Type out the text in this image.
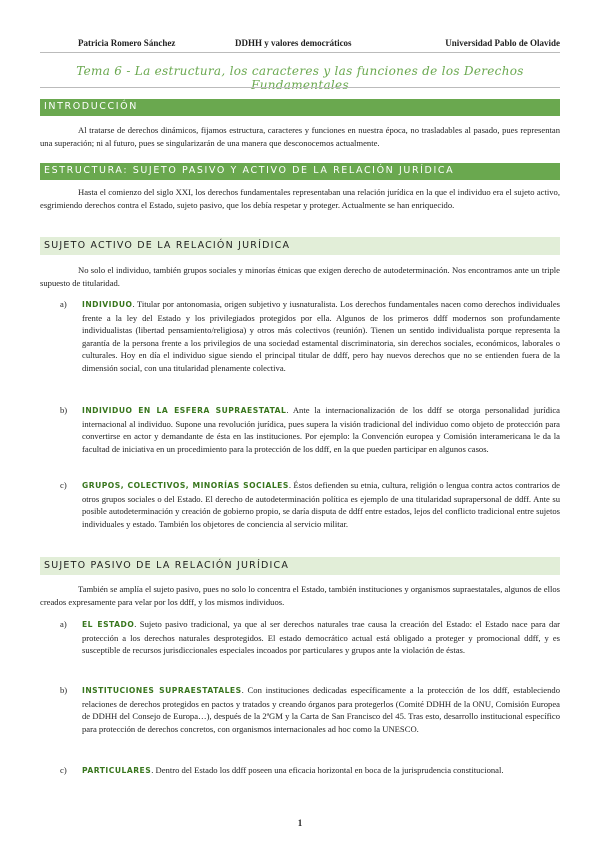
Patricia Romero Sánchez	DDHH y valores democráticos	Universidad Pablo de Olavide
Tema 6 - La estructura, los caracteres y las funciones de los Derechos Fundamentales
INTRODUCCIÓN
Al tratarse de derechos dinámicos, fijamos estructura, caracteres y funciones en nuestra época, no trasladables al pasado, pues representan una superación; ni al futuro, pues se singularizarán de una manera que desconocemos actualmente.
ESTRUCTURA: SUJETO PASIVO Y ACTIVO DE LA RELACIÓN JURÍDICA
Hasta el comienzo del siglo XXI, los derechos fundamentales representaban una relación jurídica en la que el individuo era el sujeto activo, esgrimiendo derechos contra el Estado, sujeto pasivo, que los debía respetar y proteger. Actualmente se han enriquecido.
SUJETO ACTIVO DE LA RELACIÓN JURÍDICA
No solo el individuo, también grupos sociales y minorías étnicas que exigen derecho de autodeterminación. Nos encontramos ante un triple supuesto de titularidad.
a) INDIVIDUO. Titular por antonomasia, origen subjetivo y iusnaturalista. Los derechos fundamentales nacen como derechos individuales frente a la ley del Estado y los privilegiados protegidos por ella. Algunos de los primeros ddff modernos son profundamente individualistas (libertad pensamiento/religiosa) y otros más colectivos (reunión). Tienen un sentido individualista porque representa la garantía de la persona frente a los privilegios de una sociedad estamental discriminatoria, sin derechos sociales, económicos, laborales o culturales. Hoy en día el individuo sigue siendo el principal titular de ddff, pero hay nuevos derechos que no se entienden fuera de la dimensión social, con una titularidad plenamente colectiva.
b) INDIVIDUO EN LA ESFERA SUPRAESTATAL. Ante la internacionalización de los ddff se otorga personalidad jurídica internacional al individuo. Supone una revolución jurídica, pues supera la visión tradicional del individuo como objeto de protección para convertirse en actor y demandante de ésta en las instituciones. Por ejemplo: la Convención europea y Comisión interamericana le da la facultad de iniciativa en un procedimiento para la protección de los ddff, en la que pueden participar en algunos casos.
c) GRUPOS, COLECTIVOS, MINORÍAS SOCIALES. Éstos defienden su etnia, cultura, religión o lengua contra actos contrarios de otros grupos sociales o del Estado. El derecho de autodeterminación política es ejemplo de una titularidad suprapersonal de ddff. Ante su posible autodeterminación y creación de gobierno propio, se daría disputa de ddff entre estados, lejos del conflicto tradicional entre sujetos individuales y estado. También los objetores de conciencia al servicio militar.
SUJETO PASIVO DE LA RELACIÓN JURÍDICA
También se amplía el sujeto pasivo, pues no solo lo concentra el Estado, también instituciones y organismos supraestatales, algunos de ellos creados expresamente para velar por los ddff, y los mismos individuos.
a) EL ESTADO. Sujeto pasivo tradicional, ya que al ser derechos naturales trae causa la creación del Estado: el Estado nace para dar protección a los derechos naturales desprotegidos. El estado democrático actual está obligado a proteger y promocional ddff, y es susceptible de recursos jurisdiccionales especiales incoados por particulares y grupos ante la violación de éstas.
b) INSTITUCIONES SUPRAESTATALES. Con instituciones dedicadas específicamente a la protección de los ddff, estableciendo relaciones de derechos protegidos en pactos y tratados y creando órganos para protegerlos (Comité DDHH de la ONU, Comisión Europea de DDHH del Consejo de Europa…), después de la 2ªGM y la Carta de San Francisco del 45. Tras esto, desarrollo institucional específico para protección de derechos concretos, con organismos internacionales ad hoc como la UNESCO.
c) PARTICULARES. Dentro del Estado los ddff poseen una eficacia horizontal en boca de la jurisprudencia constitucional.
1
